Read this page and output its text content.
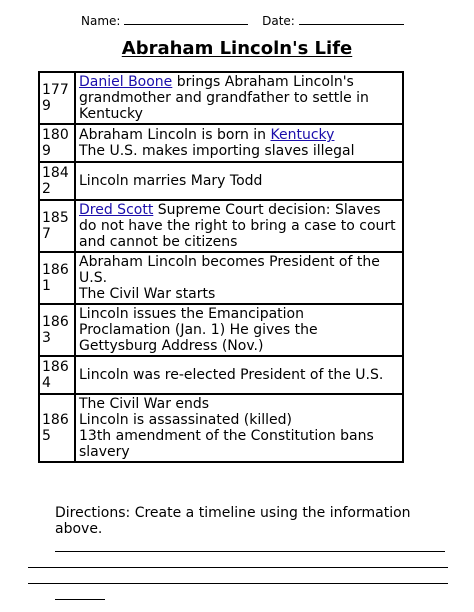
Name:	Date:
Abraham Lincoln's Life
1779	Daniel Boone brings Abraham Lincoln's grandmother and grandfather to settle in Kentucky

1809	Abraham Lincoln is born in Kentucky
The U.S. makes importing slaves illegal

1842	Lincoln marries Mary Todd

1857	Dred Scott Supreme Court decision: Slaves do not have the right to bring a case to court and cannot be citizens

1861	Abraham Lincoln becomes President of the U.S.
The Civil War starts

1863	Lincoln issues the Emancipation Proclamation (Jan. 1) He gives the Gettysburg Address (Nov.)

1864	Lincoln was re-elected President of the U.S.

1865	The Civil War ends
Lincoln is assassinated (killed)
13th amendment of the Constitution bans slavery
Directions: Create a timeline using the information above.
